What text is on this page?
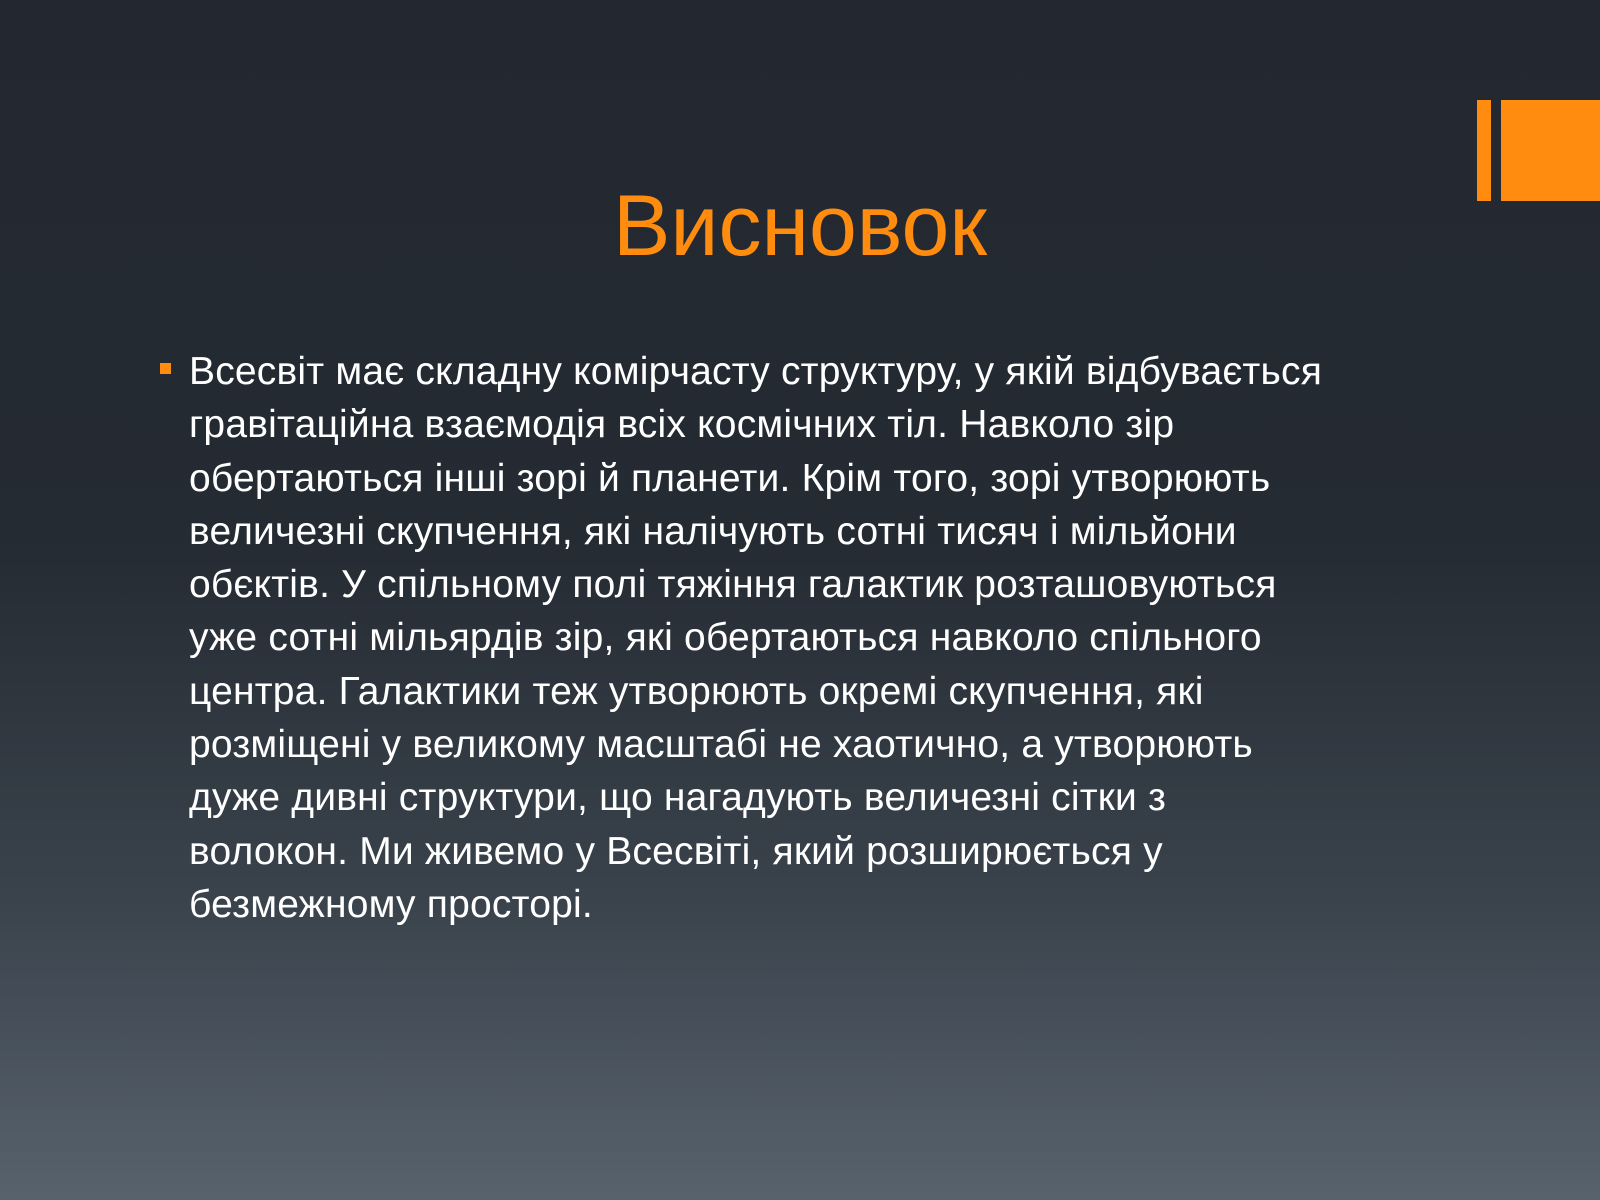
Висновок
Всесвіт має складну комірчасту структуру, у якій відбувається
гравітаційна взаємодія всіх космічних тіл. Навколо зір
обертаються інші зорі й планети. Крім того, зорі утворюють
величезні скупчення, які налічують сотні тисяч і мільйони
обєктів. У спільному полі тяжіння галактик розташовуються
уже сотні мільярдів зір, які обертаються навколо спільного
центра. Галактики теж утворюють окремі скупчення, які
розміщені у великому масштабі не хаотично, а утворюють
дуже дивні структури, що нагадують величезні сітки з
волокон. Ми живемо у Всесвіті, який розширюється у
безмежному просторі.
